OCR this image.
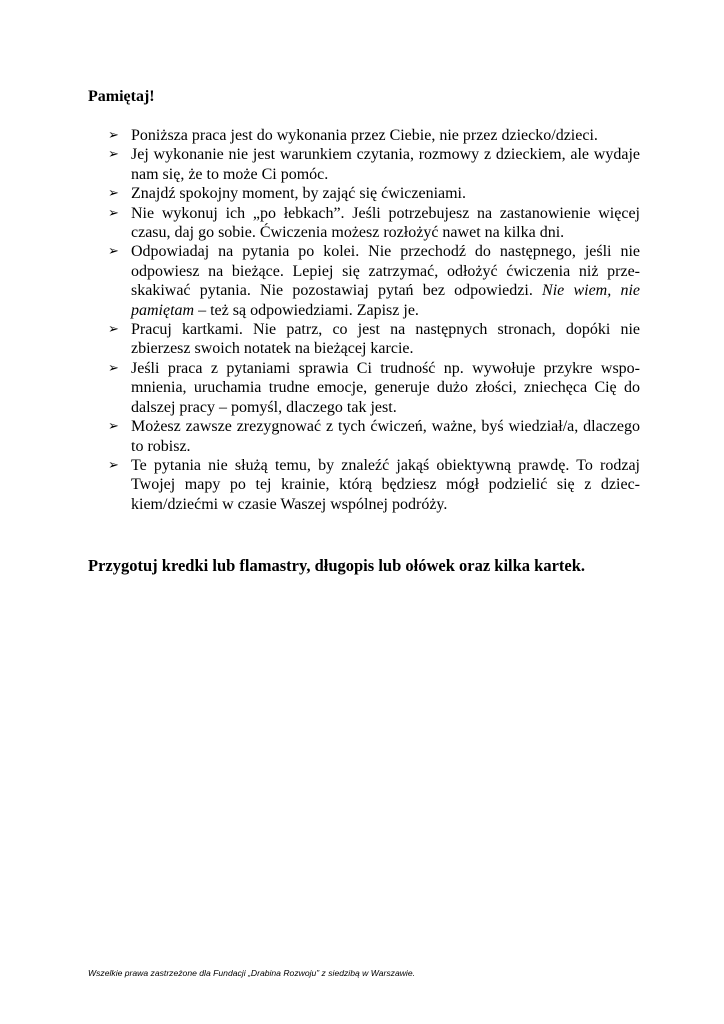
Pamiętaj!
➢ Poniższa praca jest do wykonania przez Ciebie, nie przez dziecko/dzieci.
➢ Jej wykonanie nie jest warunkiem czytania, rozmowy z dzieckiem, ale wydaje nam się, że to może Ci pomóc.
➢ Znajdź spokojny moment, by zająć się ćwiczeniami.
➢ Nie wykonuj ich „po łebkach”. Jeśli potrzebujesz na zastanowienie więcej czasu, daj go sobie. Ćwiczenia możesz rozłożyć nawet na kilka dni.
➢ Odpowiadaj na pytania po kolei. Nie przechodź do następnego, jeśli nie odpowiesz na bieżące. Lepiej się zatrzymać, odłożyć ćwiczenia niż przeskakiwać pytania. Nie pozostawiaj pytań bez odpowiedzi. Nie wiem, nie pamiętam – też są odpowiedziami. Zapisz je.
➢ Pracuj kartkami. Nie patrz, co jest na następnych stronach, dopóki nie zbierzesz swoich notatek na bieżącej karcie.
➢ Jeśli praca z pytaniami sprawia Ci trudność np. wywołuje przykre wspomnienia, uruchamia trudne emocje, generuje dużo złości, zniechęca Cię do dalszej pracy – pomyśl, dlaczego tak jest.
➢ Możesz zawsze zrezygnować z tych ćwiczeń, ważne, byś wiedział/a, dlaczego to robisz.
➢ Te pytania nie służą temu, by znaleźć jakąś obiektywną prawdę. To rodzaj Twojej mapy po tej krainie, którą będziesz mógł podzielić się z dzieckiem/dziećmi w czasie Waszej wspólnej podróży.

Przygotuj kredki lub flamastry, długopis lub ołówek oraz kilka kartek.

Wszelkie prawa zastrzeżone dla Fundacji „Drabina Rozwoju” z siedzibą w Warszawie.
